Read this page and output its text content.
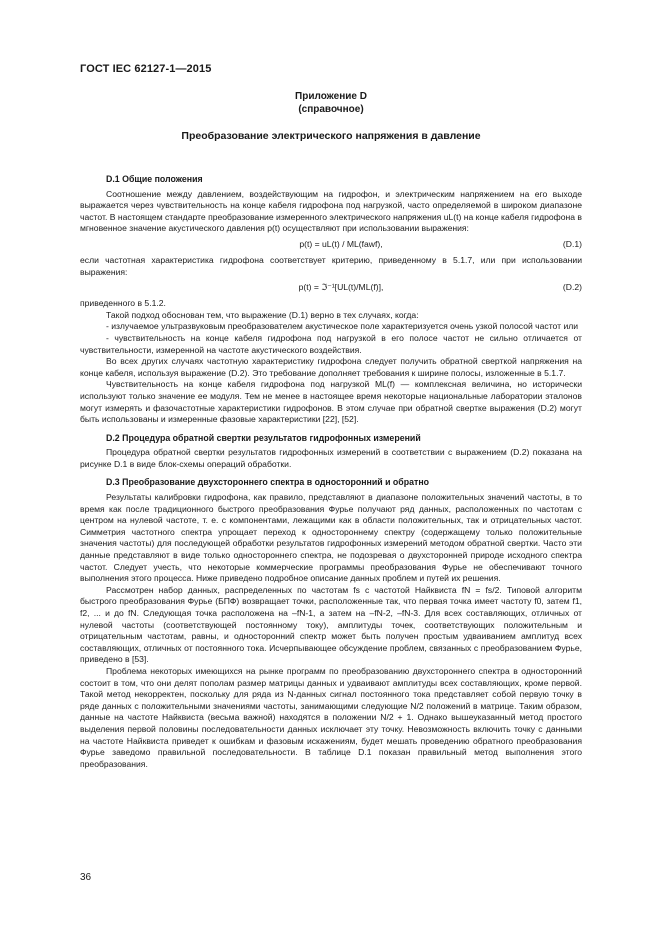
ГОСТ IEC 62127-1—2015
Приложение D
(справочное)
Преобразование электрического напряжения в давление
D.1 Общие положения

Соотношение между давлением, воздействующим на гидрофон, и электрическим напряжением на его выходе выражается через чувствительность на конце кабеля гидрофона под нагрузкой, часто определяемой в широком диапазоне частот. В настоящем стандарте преобразование измеренного электрического напряжения uL(t) на конце кабеля гидрофона в мгновенное значение акустического давления p(t) осуществляют при использовании выражения:

p(t) = uL(t) / ML(fawf),	(D.1)

если частотная характеристика гидрофона соответствует критерию, приведенному в 5.1.7, или при использовании выражения:

p(t) = ℑ⁻¹[UL(t)/ML(f)],	(D.2)

приведенного в 5.1.2.

Такой подход обоснован тем, что выражение (D.1) верно в тех случаях, когда:

- излучаемое ультразвуковым преобразователем акустическое поле характеризуется очень узкой полосой частот или

- чувствительность на конце кабеля гидрофона под нагрузкой в его полосе частот не сильно отличается от чувствительности, измеренной на частоте акустического воздействия.

Во всех других случаях частотную характеристику гидрофона следует получить обратной сверткой напряжения на конце кабеля, используя выражение (D.2). Это требование дополняет требования к ширине полосы, изложенные в 5.1.7.

Чувствительность на конце кабеля гидрофона под нагрузкой ML(f) — комплексная величина, но исторически используют только значение ее модуля. Тем не менее в настоящее время некоторые национальные лаборатории эталонов могут измерять и фазочастотные характеристики гидрофонов. В этом случае при обратной свертке выражения (D.2) могут быть использованы и измеренные фазовые характеристики [22], [52].

D.2 Процедура обратной свертки результатов гидрофонных измерений

Процедура обратной свертки результатов гидрофонных измерений в соответствии с выражением (D.2) показана на рисунке D.1 в виде блок-схемы операций обработки.

D.3 Преобразование двухстороннего спектра в односторонний и обратно

Результаты калибровки гидрофона, как правило, представляют в диапазоне положительных значений частоты, в то время как после традиционного быстрого преобразования Фурье получают ряд данных, расположенных по частотам с центром на нулевой частоте, т. е. с компонентами, лежащими как в области положительных, так и отрицательных частот. Симметрия частотного спектра упрощает переход к одностороннему спектру (содержащему только положительные значения частоты) для последующей обработки результатов гидрофонных измерений методом обратной свертки. Часто эти данные представляют в виде только одностороннего спектра, не подозревая о двухсторонней природе исходного спектра частот. Следует учесть, что некоторые коммерческие программы преобразования Фурье не обеспечивают точного выполнения этого процесса. Ниже приведено подробное описание данных проблем и путей их решения.

Рассмотрен набор данных, распределенных по частотам fs с частотой Найквиста fN = fs/2. Типовой алгоритм быстрого преобразования Фурье (БПФ) возвращает точки, расположенные так, что первая точка имеет частоту f0, затем f1, f2, ... и до fN. Следующая точка расположена на –fN-1, а затем на –fN-2, –fN-3. Для всех составляющих, отличных от нулевой частоты (соответствующей постоянному току), амплитуды точек, соответствующих положительным и отрицательным частотам, равны, и односторонний спектр может быть получен простым удваиванием амплитуд всех составляющих, отличных от постоянного тока. Исчерпывающее обсуждение проблем, связанных с преобразованием Фурье, приведено в [53].

Проблема некоторых имеющихся на рынке программ по преобразованию двухстороннего спектра в односторонний состоит в том, что они делят пополам размер матрицы данных и удваивают амплитуды всех составляющих, кроме первой. Такой метод некорректен, поскольку для ряда из N-данных сигнал постоянного тока представляет собой первую точку в ряде данных с положительными значениями частоты, занимающими следующие N/2 положений в матрице. Таким образом, данные на частоте Найквиста (весьма важной) находятся в положении N/2 + 1. Однако вышеуказанный метод простого выделения первой половины последовательности данных исключает эту точку. Невозможность включить точку с данными на частоте Найквиста приведет к ошибкам и фазовым искажениям, будет мешать проведению обратного преобразования Фурье заведомо правильной последовательности. В таблице D.1 показан правильный метод выполнения этого преобразования.

36
